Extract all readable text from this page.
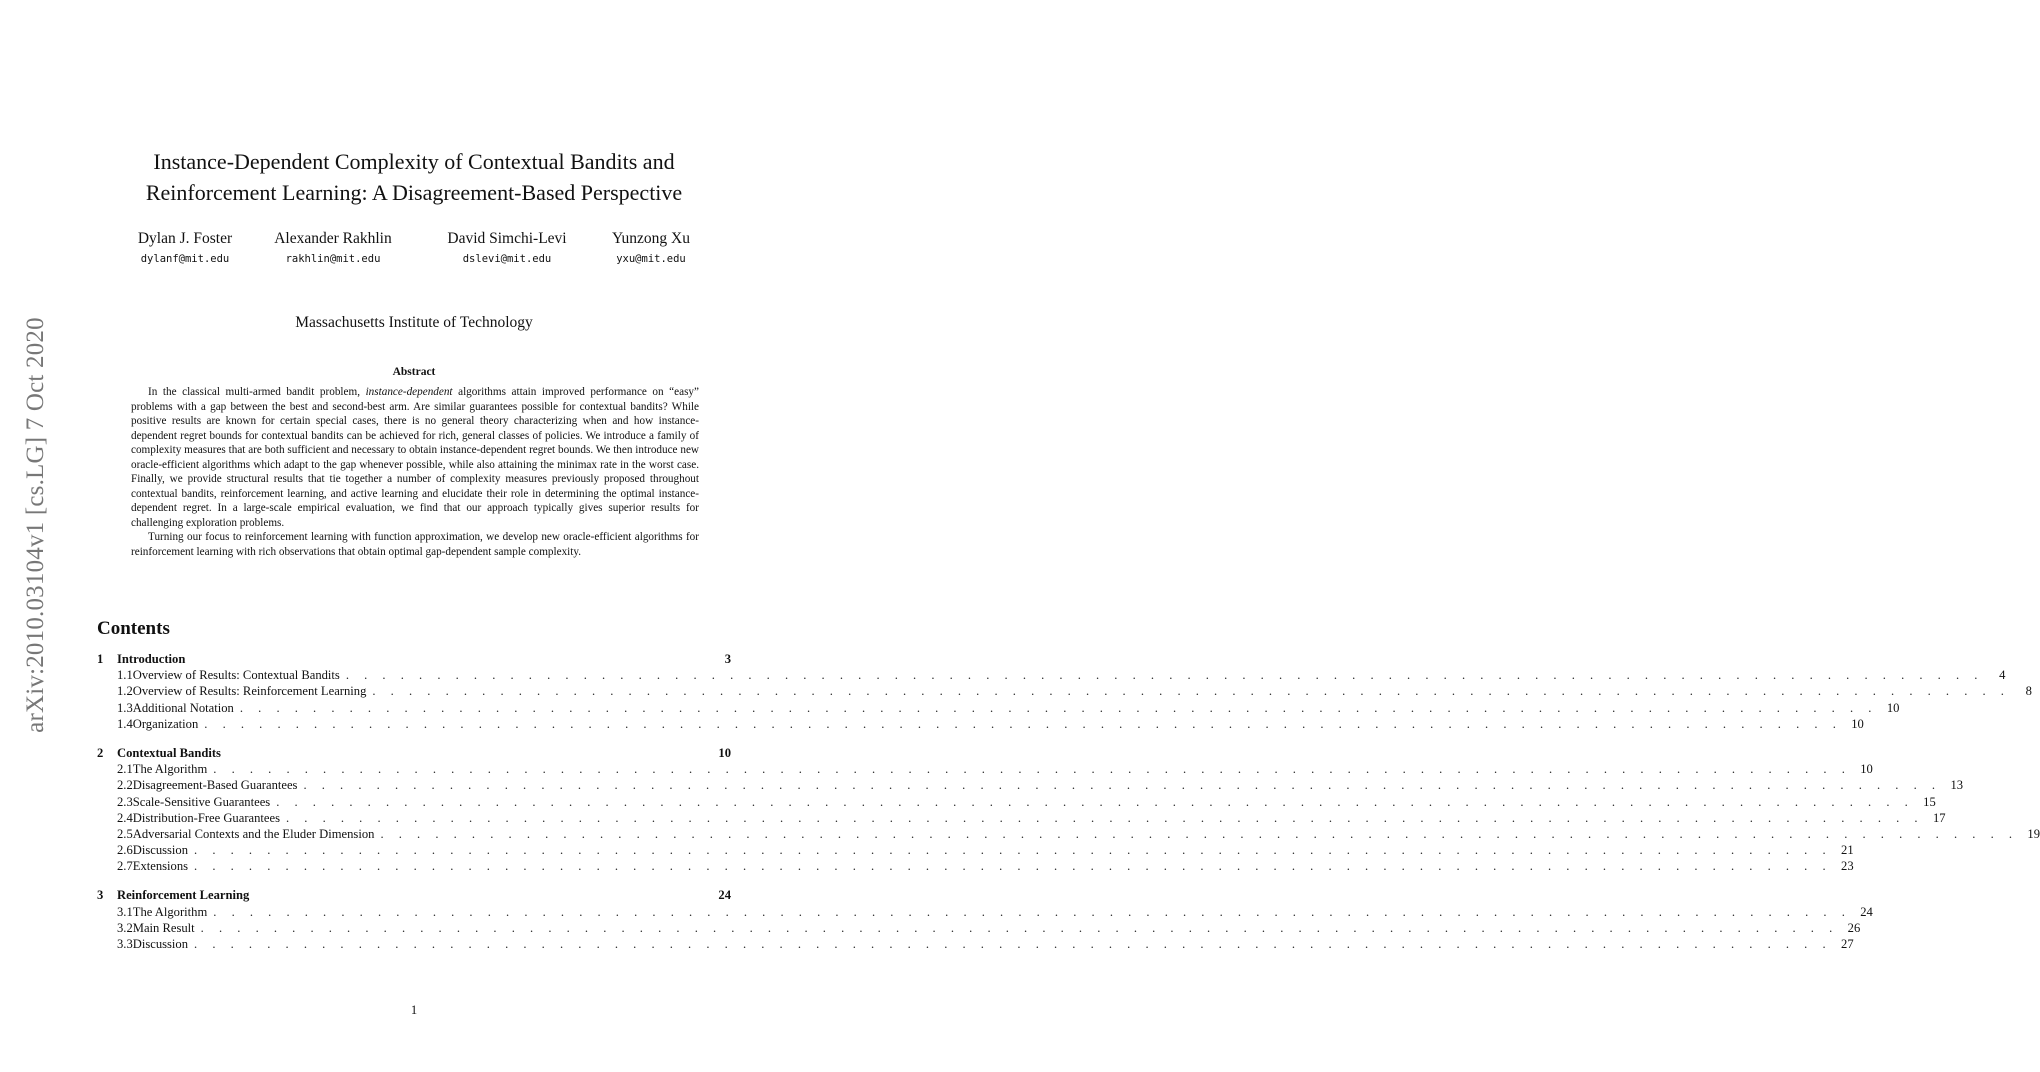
arXiv:2010.03104v1 [cs.LG] 7 Oct 2020
Instance-Dependent Complexity of Contextual Bandits and
Reinforcement Learning: A Disagreement-Based Perspective
Dylan J. Foster
dylanf@mit.edu
Alexander Rakhlin
rakhlin@mit.edu
David Simchi-Levi
dslevi@mit.edu
Yunzong Xu
yxu@mit.edu
Massachusetts Institute of Technology
Abstract

In the classical multi-armed bandit problem, instance-dependent algorithms attain improved performance on “easy” problems with a gap between the best and second-best arm. Are similar guarantees possible for contextual bandits? While positive results are known for certain special cases, there is no general theory characterizing when and how instance-dependent regret bounds for contextual bandits can be achieved for rich, general classes of policies. We introduce a family of complexity measures that are both sufficient and necessary to obtain instance-dependent regret bounds. We then introduce new oracle-efficient algorithms which adapt to the gap whenever possible, while also attaining the minimax rate in the worst case. Finally, we provide structural results that tie together a number of complexity measures previously proposed throughout contextual bandits, reinforcement learning, and active learning and elucidate their role in determining the optimal instance-dependent regret. In a large-scale empirical evaluation, we find that our approach typically gives superior results for challenging exploration problems.

Turning our focus to reinforcement learning with function approximation, we develop new oracle-efficient algorithms for reinforcement learning with rich observations that obtain optimal gap-dependent sample complexity.

Contents
1	Introduction	3
1.1 Overview of Results: Contextual Bandits . . . . . . . . . . . . . . . . . . . . . . . . . . . . . . . . . . . . . . . . . . . . . . . . . . . . . . . . . . . . . . . . . . . . . . . . . . . . . . . . . . . . . . . . . .	4
1.2 Overview of Results: Reinforcement Learning . . . . . . . . . . . . . . . . . . . . . . . . . . . . . . . . . . . . . . . . . . . . . . . . . . . . . . . . . . . . . . . . . . . . . . . . . . . . . . . . . . . . . . . . . .	8
1.3 Additional Notation . . . . . . . . . . . . . . . . . . . . . . . . . . . . . . . . . . . . . . . . . . . . . . . . . . . . . . . . . . . . . . . . . . . . . . . . . . . . . . . . . . . . . . . . . . 10
1.4 Organization . . . . . . . . . . . . . . . . . . . . . . . . . . . . . . . . . . . . . . . . . . . . . . . . . . . . . . . . . . . . . . . . . . . . . . . . . . . . . . . . . . . . . . . . . . 10
2	Contextual Bandits	10
2.1 The Algorithm . . . . . . . . . . . . . . . . . . . . . . . . . . . . . . . . . . . . . . . . . . . . . . . . . . . . . . . . . . . . . . . . . . . . . . . . . . . . . . . . . . . . . . . . . . 10
2.2 Disagreement-Based Guarantees . . . . . . . . . . . . . . . . . . . . . . . . . . . . . . . . . . . . . . . . . . . . . . . . . . . . . . . . . . . . . . . . . . . . . . . . . . . . . . . . . . . . . . . . . . 13
2.3 Scale-Sensitive Guarantees . . . . . . . . . . . . . . . . . . . . . . . . . . . . . . . . . . . . . . . . . . . . . . . . . . . . . . . . . . . . . . . . . . . . . . . . . . . . . . . . . . . . . . . . . . 15
2.4 Distribution-Free Guarantees . . . . . . . . . . . . . . . . . . . . . . . . . . . . . . . . . . . . . . . . . . . . . . . . . . . . . . . . . . . . . . . . . . . . . . . . . . . . . . . . . . . . . . . . . . 17
2.5 Adversarial Contexts and the Eluder Dimension . . . . . . . . . . . . . . . . . . . . . . . . . . . . . . . . . . . . . . . . . . . . . . . . . . . . . . . . . . . . . . . . . . . . . . . . . . . . . . . . . . . . . . . . . . 19
2.6 Discussion . . . . . . . . . . . . . . . . . . . . . . . . . . . . . . . . . . . . . . . . . . . . . . . . . . . . . . . . . . . . . . . . . . . . . . . . . . . . . . . . . . . . . . . . . . 21
2.7 Extensions . . . . . . . . . . . . . . . . . . . . . . . . . . . . . . . . . . . . . . . . . . . . . . . . . . . . . . . . . . . . . . . . . . . . . . . . . . . . . . . . . . . . . . . . . . 23
3	Reinforcement Learning	24
3.1 The Algorithm . . . . . . . . . . . . . . . . . . . . . . . . . . . . . . . . . . . . . . . . . . . . . . . . . . . . . . . . . . . . . . . . . . . . . . . . . . . . . . . . . . . . . . . . . . 24
3.2 Main Result . . . . . . . . . . . . . . . . . . . . . . . . . . . . . . . . . . . . . . . . . . . . . . . . . . . . . . . . . . . . . . . . . . . . . . . . . . . . . . . . . . . . . . . . . . 26
3.3 Discussion . . . . . . . . . . . . . . . . . . . . . . . . . . . . . . . . . . . . . . . . . . . . . . . . . . . . . . . . . . . . . . . . . . . . . . . . . . . . . . . . . . . . . . . . . . 27
1
